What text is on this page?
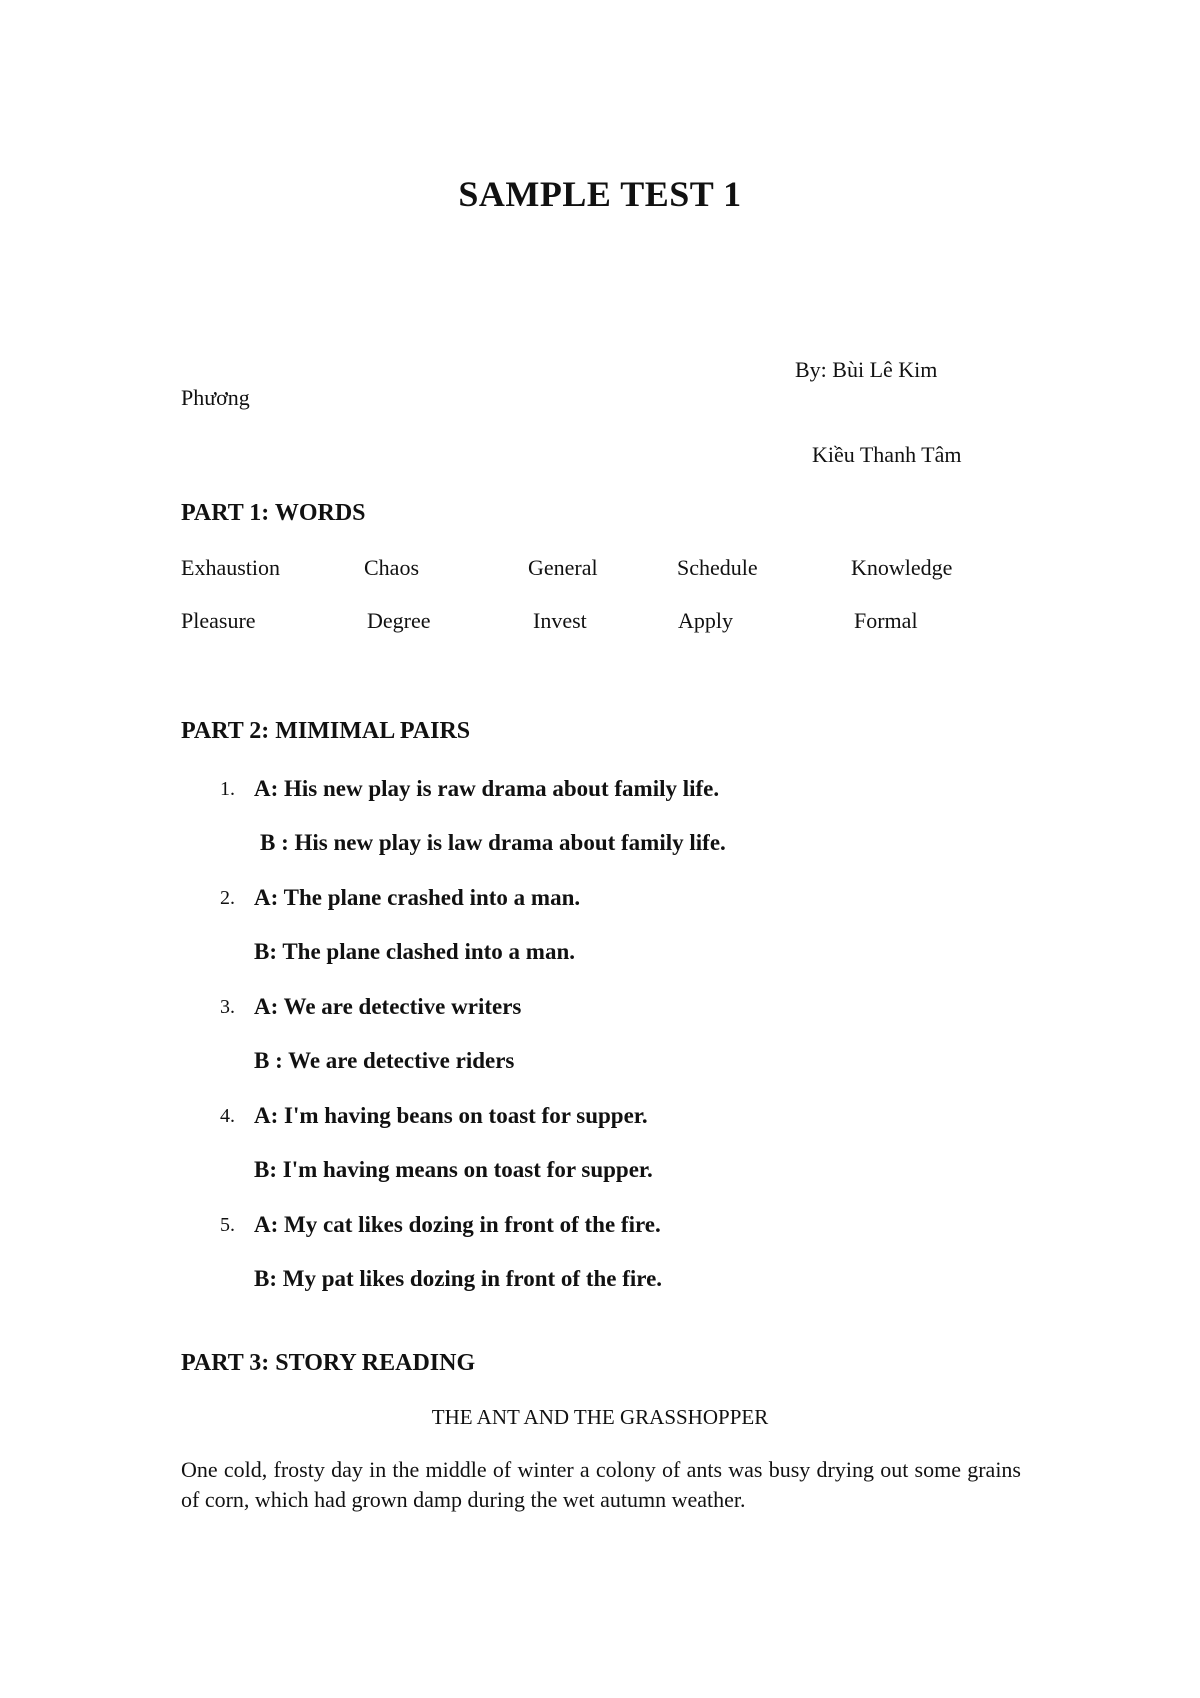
SAMPLE TEST 1
By: Bùi Lê Kim
Phương
Kiều Thanh Tâm
PART 1: WORDS
Exhaustion	Chaos	General	Schedule	Knowledge
Pleasure	Degree	Invest	Apply	Formal
PART 2: MIMIMAL PAIRS
1. A: His new play is raw drama about family life.
B : His new play is law drama about family life.
2. A: The plane crashed into a man.
B: The plane clashed into a man.
3. A: We are detective writers
B : We are detective riders
4. A: I'm having beans on toast for supper.
B: I'm having means on toast for supper.
5. A: My cat likes dozing in front of the fire.
B: My pat likes dozing in front of the fire.
PART 3: STORY READING
THE ANT AND THE GRASSHOPPER
One cold, frosty day in the middle of winter a colony of ants was busy drying out some grains of corn, which had grown damp during the wet autumn weather.
